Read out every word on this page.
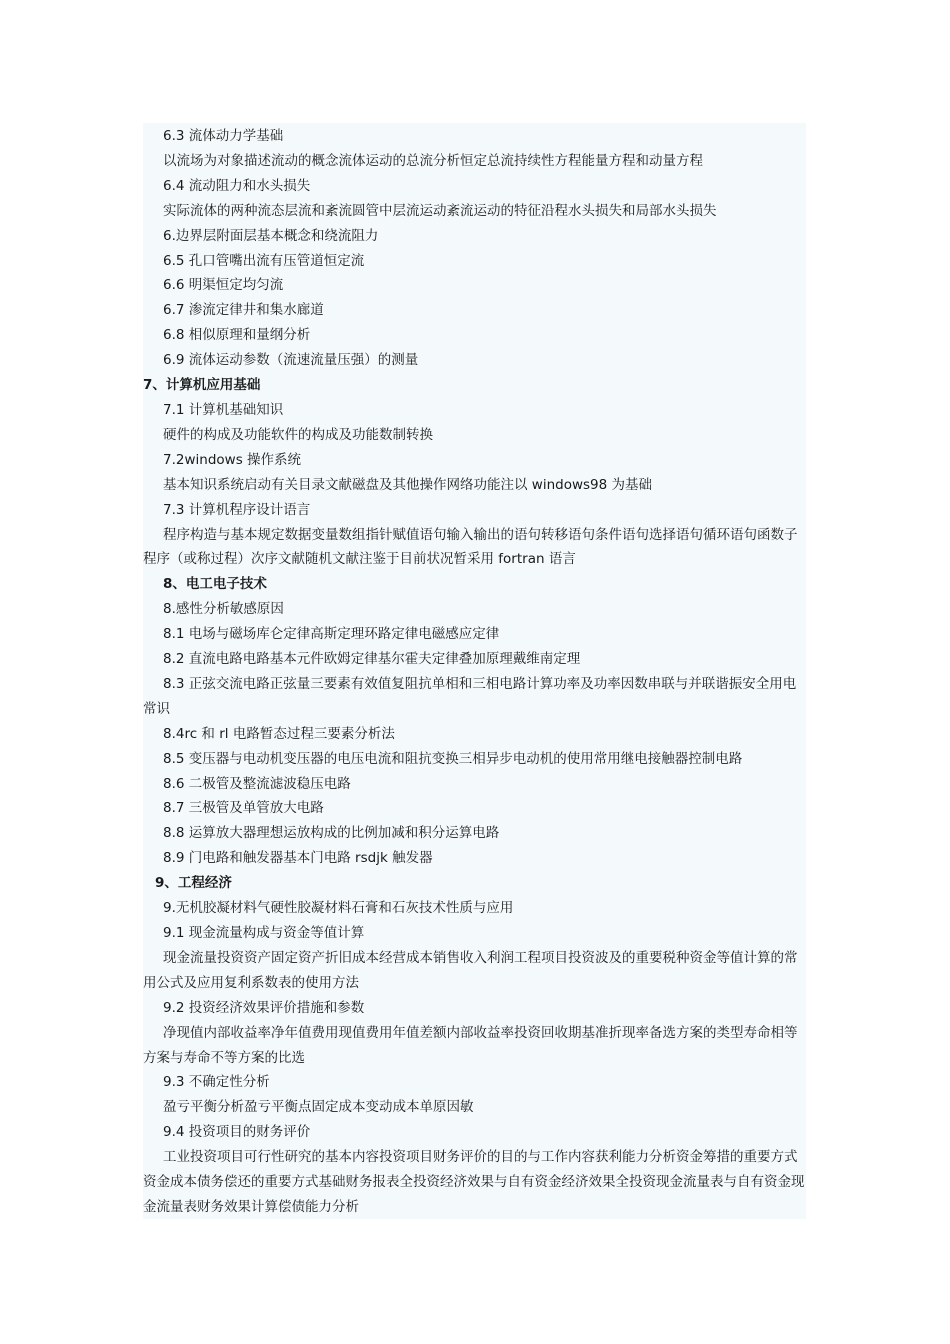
6.3 流体动力学基础
以流场为对象描述流动的概念流体运动的总流分析恒定总流持续性方程能量方程和动量方程
6.4 流动阻力和水头损失
实际流体的两种流态层流和紊流圆管中层流运动紊流运动的特征沿程水头损失和局部水头损失
6.边界层附面层基本概念和绕流阻力
6.5 孔口管嘴出流有压管道恒定流
6.6 明渠恒定均匀流
6.7 渗流定律井和集水廊道
6.8 相似原理和量纲分析
6.9 流体运动参数（流速流量压强）的测量
7、计算机应用基础
7.1 计算机基础知识
硬件的构成及功能软件的构成及功能数制转换
7.2windows 操作系统
基本知识系统启动有关目录文献磁盘及其他操作网络功能注以 windows98 为基础
7.3 计算机程序设计语言
程序构造与基本规定数据变量数组指针赋值语句输入输出的语句转移语句条件语句选择语句循环语句函数子程序（或称过程）次序文献随机文献注鉴于目前状况暂采用 fortran 语言
8、电工电子技术
8.感性分析敏感原因
8.1 电场与磁场库仑定律高斯定理环路定律电磁感应定律
8.2 直流电路电路基本元件欧姆定律基尔霍夫定律叠加原理戴维南定理
8.3 正弦交流电路正弦量三要素有效值复阻抗单相和三相电路计算功率及功率因数串联与并联谐振安全用电常识
8.4rc 和 rl 电路暂态过程三要素分析法
8.5 变压器与电动机变压器的电压电流和阻抗变换三相异步电动机的使用常用继电接触器控制电路
8.6 二极管及整流滤波稳压电路
8.7 三极管及单管放大电路
8.8 运算放大器理想运放构成的比例加减和积分运算电路
8.9 门电路和触发器基本门电路 rsdjk 触发器
9、工程经济
9.无机胶凝材料气硬性胶凝材料石膏和石灰技术性质与应用
9.1 现金流量构成与资金等值计算
现金流量投资资产固定资产折旧成本经营成本销售收入利润工程项目投资波及的重要税种资金等值计算的常用公式及应用复利系数表的使用方法
9.2 投资经济效果评价措施和参数
净现值内部收益率净年值费用现值费用年值差额内部收益率投资回收期基准折现率备选方案的类型寿命相等方案与寿命不等方案的比选
9.3 不确定性分析
盈亏平衡分析盈亏平衡点固定成本变动成本单原因敏
9.4 投资项目的财务评价
工业投资项目可行性研究的基本内容投资项目财务评价的目的与工作内容获利能力分析资金筹措的重要方式资金成本债务偿还的重要方式基础财务报表全投资经济效果与自有资金经济效果全投资现金流量表与自有资金现金流量表财务效果计算偿债能力分析
